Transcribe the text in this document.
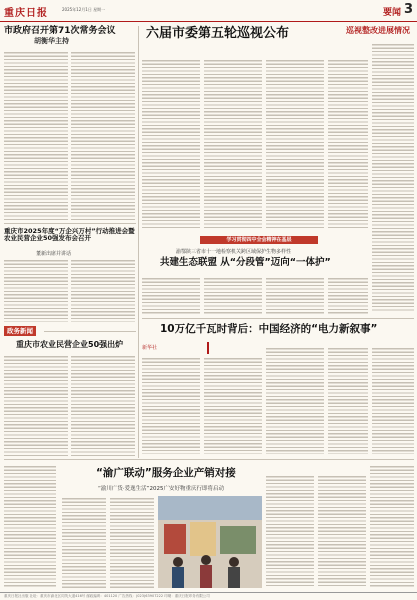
重庆日报	2025年12月1日 星期一	要闻 3
市政府召开第71次常务会议
胡衡华主持
重庆市2025年度“万企兴万村”行动推进会暨农业民营企业50强发布会召开
董新出席并讲话
政务新闻
重庆市农业民营企业50强出炉
六届市委第五轮巡视公布	巡视整改进展情况
学习贯彻四中全会精神在基层
渝鄂陕三省市十一地检察机关跨区域保护生物多样性
共建生态联盟 从“分段管”迈向“一体护”
10万亿千瓦时背后：中国经济的“电力新叙事”
新华社
“渝广联动”服务企业产销对接
“渝川广货·爱逸生活”2025广安好物重庆行即将启动
重庆日报社出版 社址：重庆市渝北区同茂大道416号 邮政编码：401120 广告热线：(023)63907222 印刷：重庆日报印务有限公司
